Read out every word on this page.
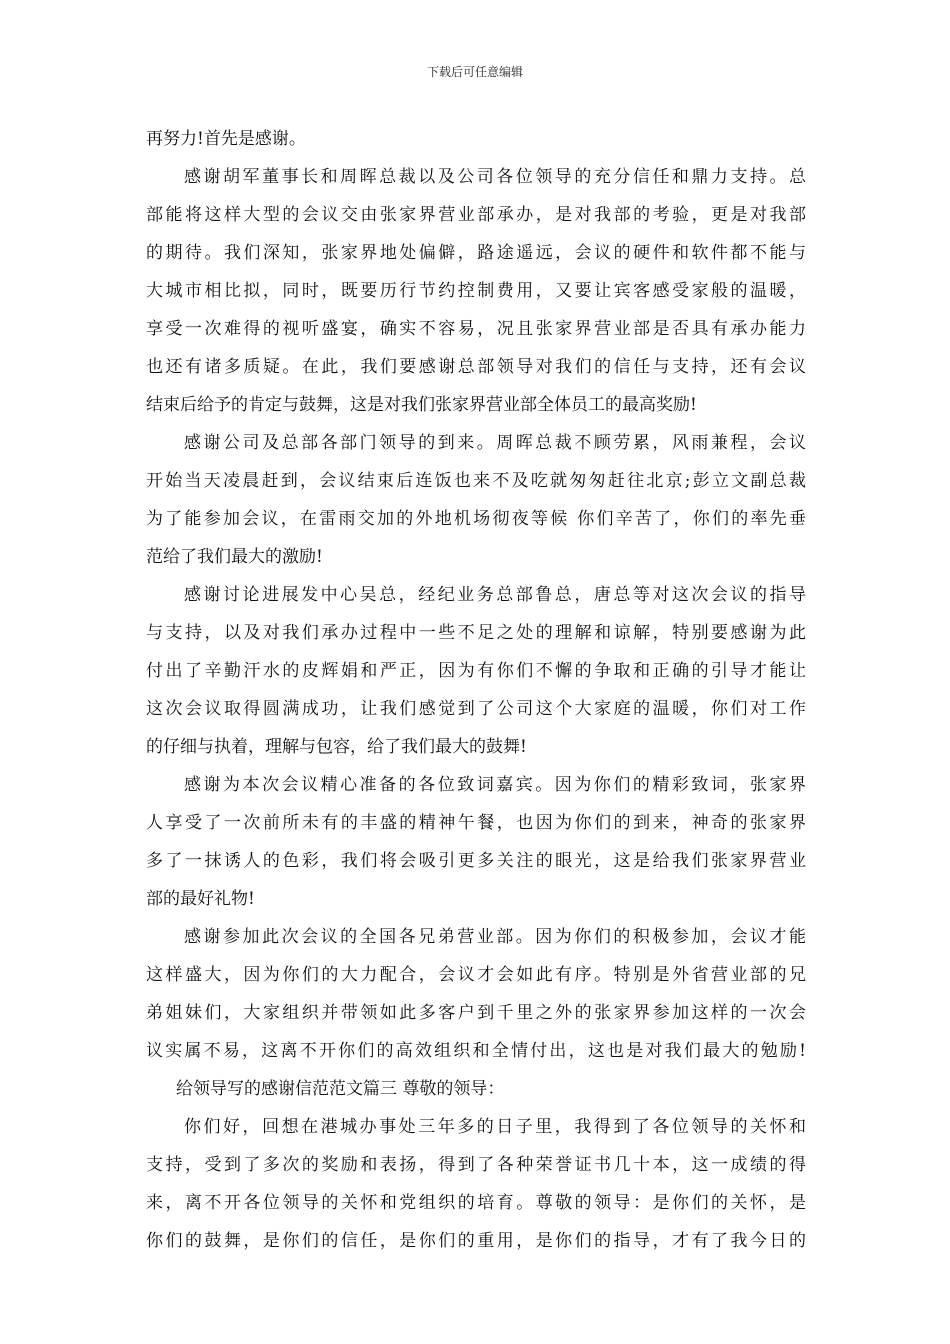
下载后可任意编辑
再努力!首先是感谢。
感谢胡军董事长和周晖总裁以及公司各位领导的充分信任和鼎力支持。总
部能将这样大型的会议交由张家界营业部承办，是对我部的考验，更是对我部
的期待。我们深知，张家界地处偏僻，路途遥远，会议的硬件和软件都不能与
大城市相比拟，同时，既要历行节约控制费用，又要让宾客感受家般的温暖，
享受一次难得的视听盛宴，确实不容易，况且张家界营业部是否具有承办能力
也还有诸多质疑。在此，我们要感谢总部领导对我们的信任与支持，还有会议
结束后给予的肯定与鼓舞，这是对我们张家界营业部全体员工的最高奖励!
感谢公司及总部各部门领导的到来。周晖总裁不顾劳累，风雨兼程，会议
开始当天凌晨赶到，会议结束后连饭也来不及吃就匆匆赶往北京;彭立文副总裁
为了能参加会议，在雷雨交加的外地机场彻夜等候 你们辛苦了，你们的率先垂
范给了我们最大的激励!
感谢讨论进展发中心吴总，经纪业务总部鲁总，唐总等对这次会议的指导
与支持，以及对我们承办过程中一些不足之处的理解和谅解，特别要感谢为此
付出了辛勤汗水的皮辉娟和严正，因为有你们不懈的争取和正确的引导才能让
这次会议取得圆满成功，让我们感觉到了公司这个大家庭的温暖，你们对工作
的仔细与执着，理解与包容，给了我们最大的鼓舞!
感谢为本次会议精心准备的各位致词嘉宾。因为你们的精彩致词，张家界
人享受了一次前所未有的丰盛的精神午餐，也因为你们的到来，神奇的张家界
多了一抹诱人的色彩，我们将会吸引更多关注的眼光，这是给我们张家界营业
部的最好礼物!
感谢参加此次会议的全国各兄弟营业部。因为你们的积极参加，会议才能
这样盛大，因为你们的大力配合，会议才会如此有序。特别是外省营业部的兄
弟姐妹们，大家组织并带领如此多客户到千里之外的张家界参加这样的一次会
议实属不易，这离不开你们的高效组织和全情付出，这也是对我们最大的勉励!
给领导写的感谢信范范文篇三 尊敬的领导：
你们好，回想在港城办事处三年多的日子里，我得到了各位领导的关怀和
支持，受到了多次的奖励和表扬，得到了各种荣誉证书几十本，这一成绩的得
来，离不开各位领导的关怀和党组织的培育。尊敬的领导：是你们的关怀，是
你们的鼓舞，是你们的信任，是你们的重用，是你们的指导，才有了我今日的
